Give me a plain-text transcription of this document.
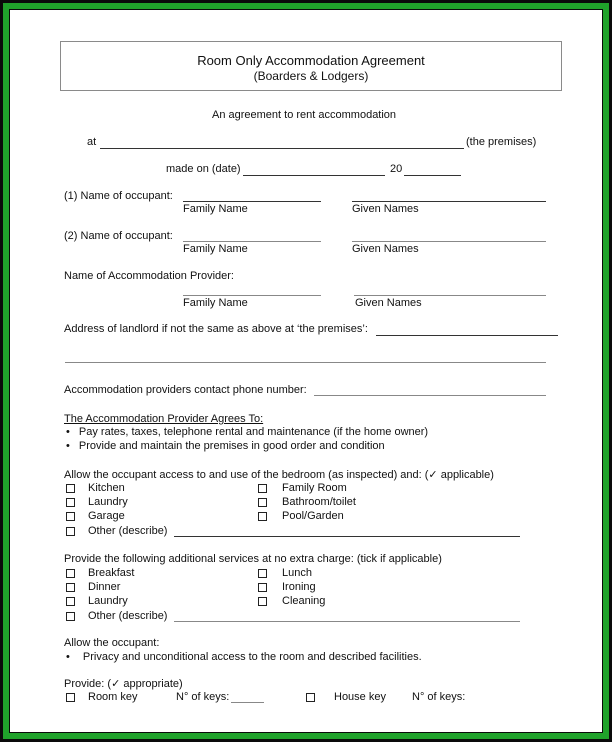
Room Only Accommodation Agreement
(Boarders & Lodgers)
An agreement to rent accommodation
at	(the premises)
made on (date)	20
(1) Name of occupant:
Family Name	Given Names
(2) Name of occupant:
Family Name	Given Names
Name of Accommodation Provider:
Family Name	Given Names
Address of landlord if not the same as above at ‘the premises’:
Accommodation providers contact phone number:
The Accommodation Provider Agrees To:
• Pay rates, taxes, telephone rental and maintenance (if the home owner)
• Provide and maintain the premises in good order and condition
Allow the occupant access to and use of the bedroom (as inspected) and: (✓ applicable)
Kitchen	Family Room
Laundry	Bathroom/toilet
Garage	Pool/Garden
Other (describe)
Provide the following additional services at no extra charge: (tick if applicable)
Breakfast	Lunch
Dinner	Ironing
Laundry	Cleaning
Other (describe)
Allow the occupant:
• Privacy and unconditional access to the room and described facilities.
Provide: (✓ appropriate)
Room key	N° of keys:	House key N° of keys:
